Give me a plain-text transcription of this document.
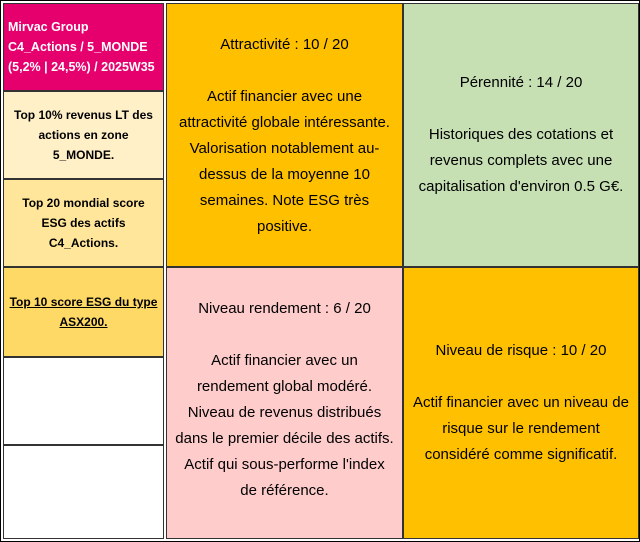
Mirvac Group
C4_Actions / 5_MONDE
(5,2% | 24,5%) / 2025W35
Top 10% revenus LT des actions en zone 5_MONDE.
Top 20 mondial score ESG des actifs C4_Actions.
Top 10 score ESG du type ASX200.
Attractivité : 10 / 20
Actif financier avec une attractivité globale intéressante. Valorisation notablement au-dessus de la moyenne 10 semaines. Note ESG très positive.
Pérennité : 14 / 20
Historiques des cotations et revenus complets avec une capitalisation d'environ 0.5 G€.
Niveau rendement : 6 / 20
Actif financier avec un rendement global modéré. Niveau de revenus distribués dans le premier décile des actifs. Actif qui sous-performe l'index de référence.
Niveau de risque : 10 / 20
Actif financier avec un niveau de risque sur le rendement considéré comme significatif.
